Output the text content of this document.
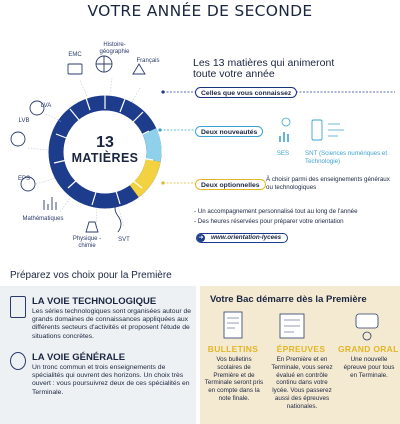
VOTRE ANNÉE DE SECONDE
13
MATIÈRES
Histoire-géographie
EMC
Français
LVA
LVB
EPS
Mathématiques
Physique -chimie
SVT
Les 13 matières qui animeront
toute votre année
Celles que vous connaissez
Deux nouveautés
SES	SNT (Sciences numériques et Technologie)
Deux optionnelles
À choisir parmi des enseignements généraux ou technologiques
- Un accompagnement personnalisé tout au long de l'année
- Des heures réservées pour préparer votre orientation
www.orientation-lycees
➜
Préparez vos choix pour la Première
LA VOIE TECHNOLOGIQUE
Les séries technologiques sont organisées autour de grands domaines de connaissances appliquées aux différents secteurs d'activités et proposent l'étude de situations concrètes.
LA VOIE GÉNÉRALE
Un tronc commun et trois enseignements de spécialités qui ouvrent des horizons. Un choix très ouvert : vous poursuivrez deux de ces spécialités en Terminale.
Votre Bac démarre dès la Première
BULLETINS
Vos bulletins scolaires de Première et de Terminale seront pris en compte dans la note finale.
ÉPREUVES
En Première et en Terminale, vous serez évalué en contrôle continu dans votre lycée. Vous passerez aussi des épreuves nationales.
GRAND ORAL
Une nouvelle épreuve pour tous en Terminale.
